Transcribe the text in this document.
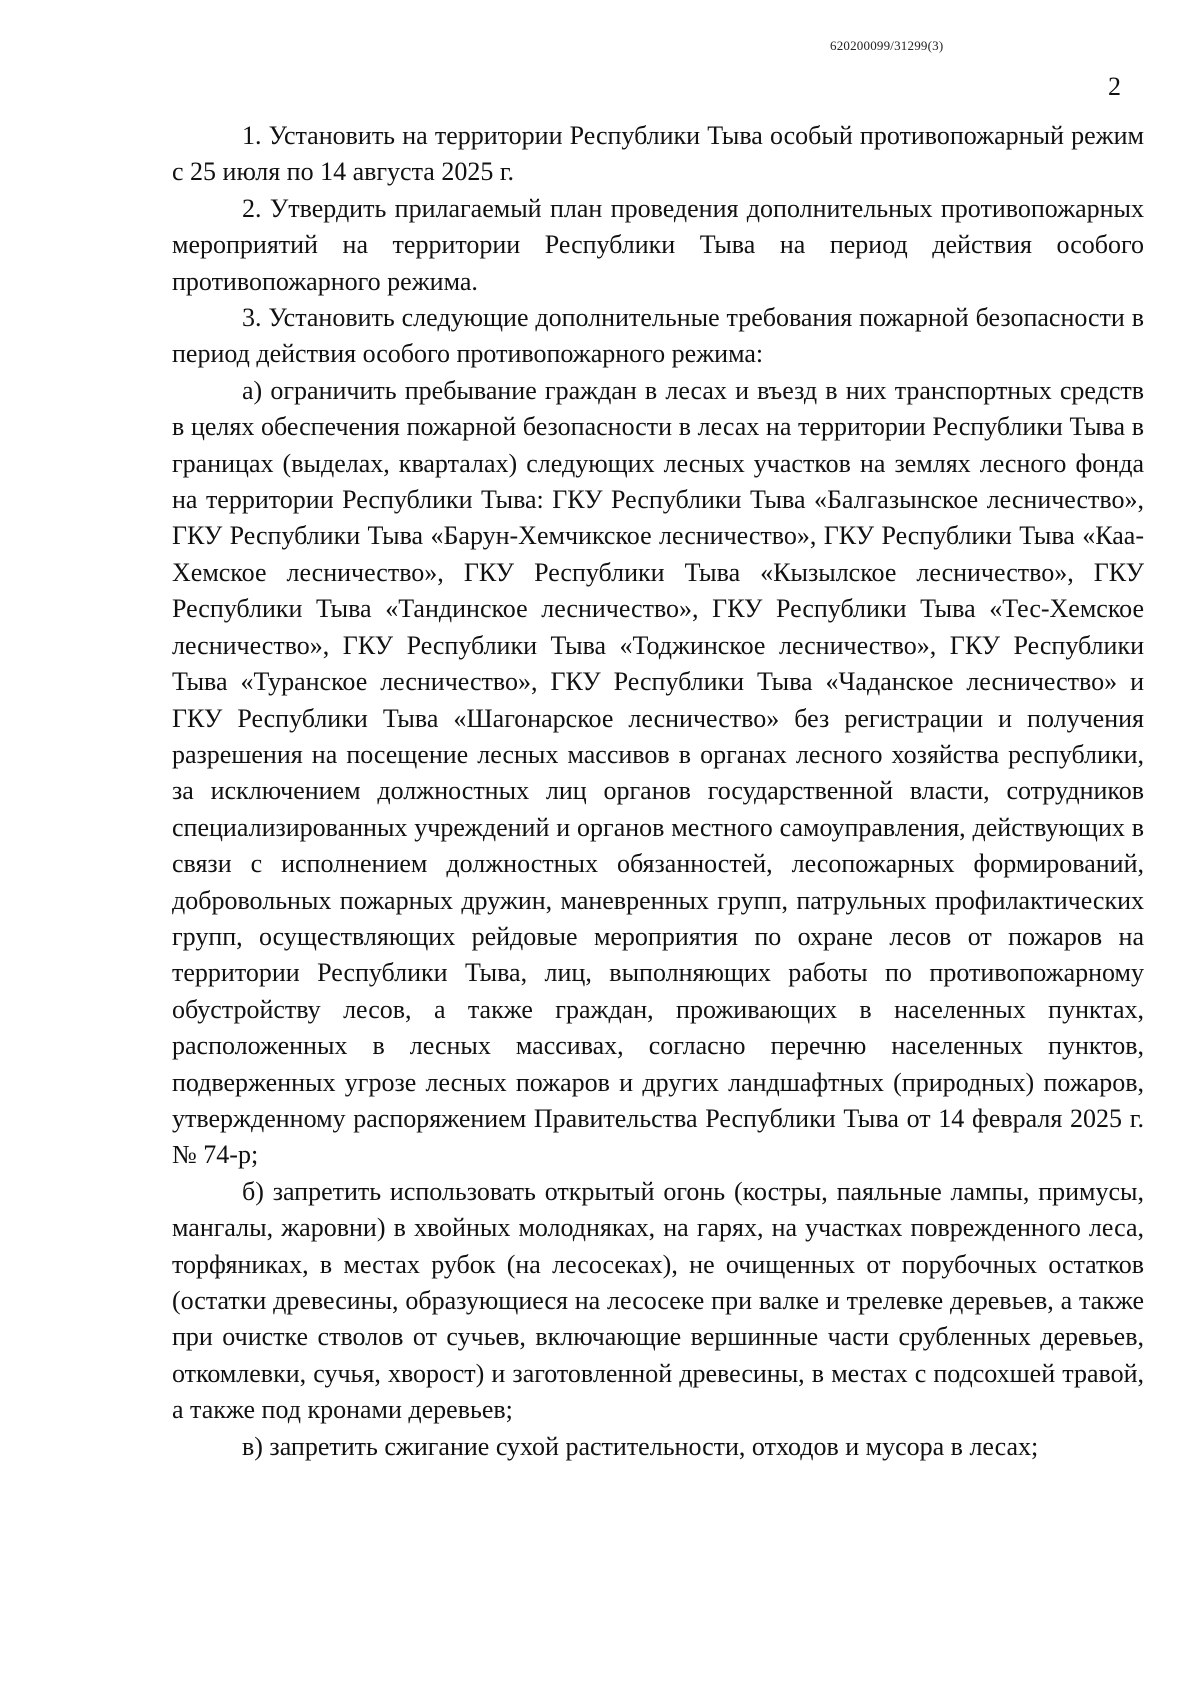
620200099/31299(3)
2

1. Установить на территории Республики Тыва особый противопожарный режим с 25 июля по 14 августа 2025 г.

2. Утвердить прилагаемый план проведения дополнительных противопожарных мероприятий на территории Республики Тыва на период действия особого противопожарного режима.

3. Установить следующие дополнительные требования пожарной безопасности в период действия особого противопожарного режима:

а) ограничить пребывание граждан в лесах и въезд в них транспортных средств в целях обеспечения пожарной безопасности в лесах на территории Республики Тыва в границах (выделах, кварталах) следующих лесных участков на землях лесного фонда на территории Республики Тыва: ГКУ Республики Тыва «Балгазынское лесничество», ГКУ Республики Тыва «Барун-Хемчикское лесничество», ГКУ Республики Тыва «Каа-Хемское лесничество», ГКУ Республики Тыва «Кызылское лесничество», ГКУ Республики Тыва «Тандинское лесничество», ГКУ Республики Тыва «Тес-Хемское лесничество», ГКУ Республики Тыва «Тоджинское лесничество», ГКУ Республики Тыва «Туранское лесничество», ГКУ Республики Тыва «Чаданское лесничество» и ГКУ Республики Тыва «Шагонарское лесничество» без регистрации и получения разрешения на посещение лесных массивов в органах лесного хозяйства республики, за исключением должностных лиц органов государственной власти, сотрудников специализированных учреждений и органов местного самоуправления, действующих в связи с исполнением должностных обязанностей, лесопожарных формирований, добровольных пожарных дружин, маневренных групп, патрульных профилактических групп, осуществляющих рейдовые мероприятия по охране лесов от пожаров на территории Республики Тыва, лиц, выполняющих работы по противопожарному обустройству лесов, а также граждан, проживающих в населенных пунктах, расположенных в лесных массивах, согласно перечню населенных пунктов, подверженных угрозе лесных пожаров и других ландшафтных (природных) пожаров, утвержденному распоряжением Правительства Республики Тыва от 14 февраля 2025 г. № 74-р;

б) запретить использовать открытый огонь (костры, паяльные лампы, примусы, мангалы, жаровни) в хвойных молодняках, на гарях, на участках поврежденного леса, торфяниках, в местах рубок (на лесосеках), не очищенных от порубочных остатков (остатки древесины, образующиеся на лесосеке при валке и трелевке деревьев, а также при очистке стволов от сучьев, включающие вершинные части срубленных деревьев, откомлевки, сучья, хворост) и заготовленной древесины, в местах с подсохшей травой, а также под кронами деревьев;

в) запретить сжигание сухой растительности, отходов и мусора в лесах;
